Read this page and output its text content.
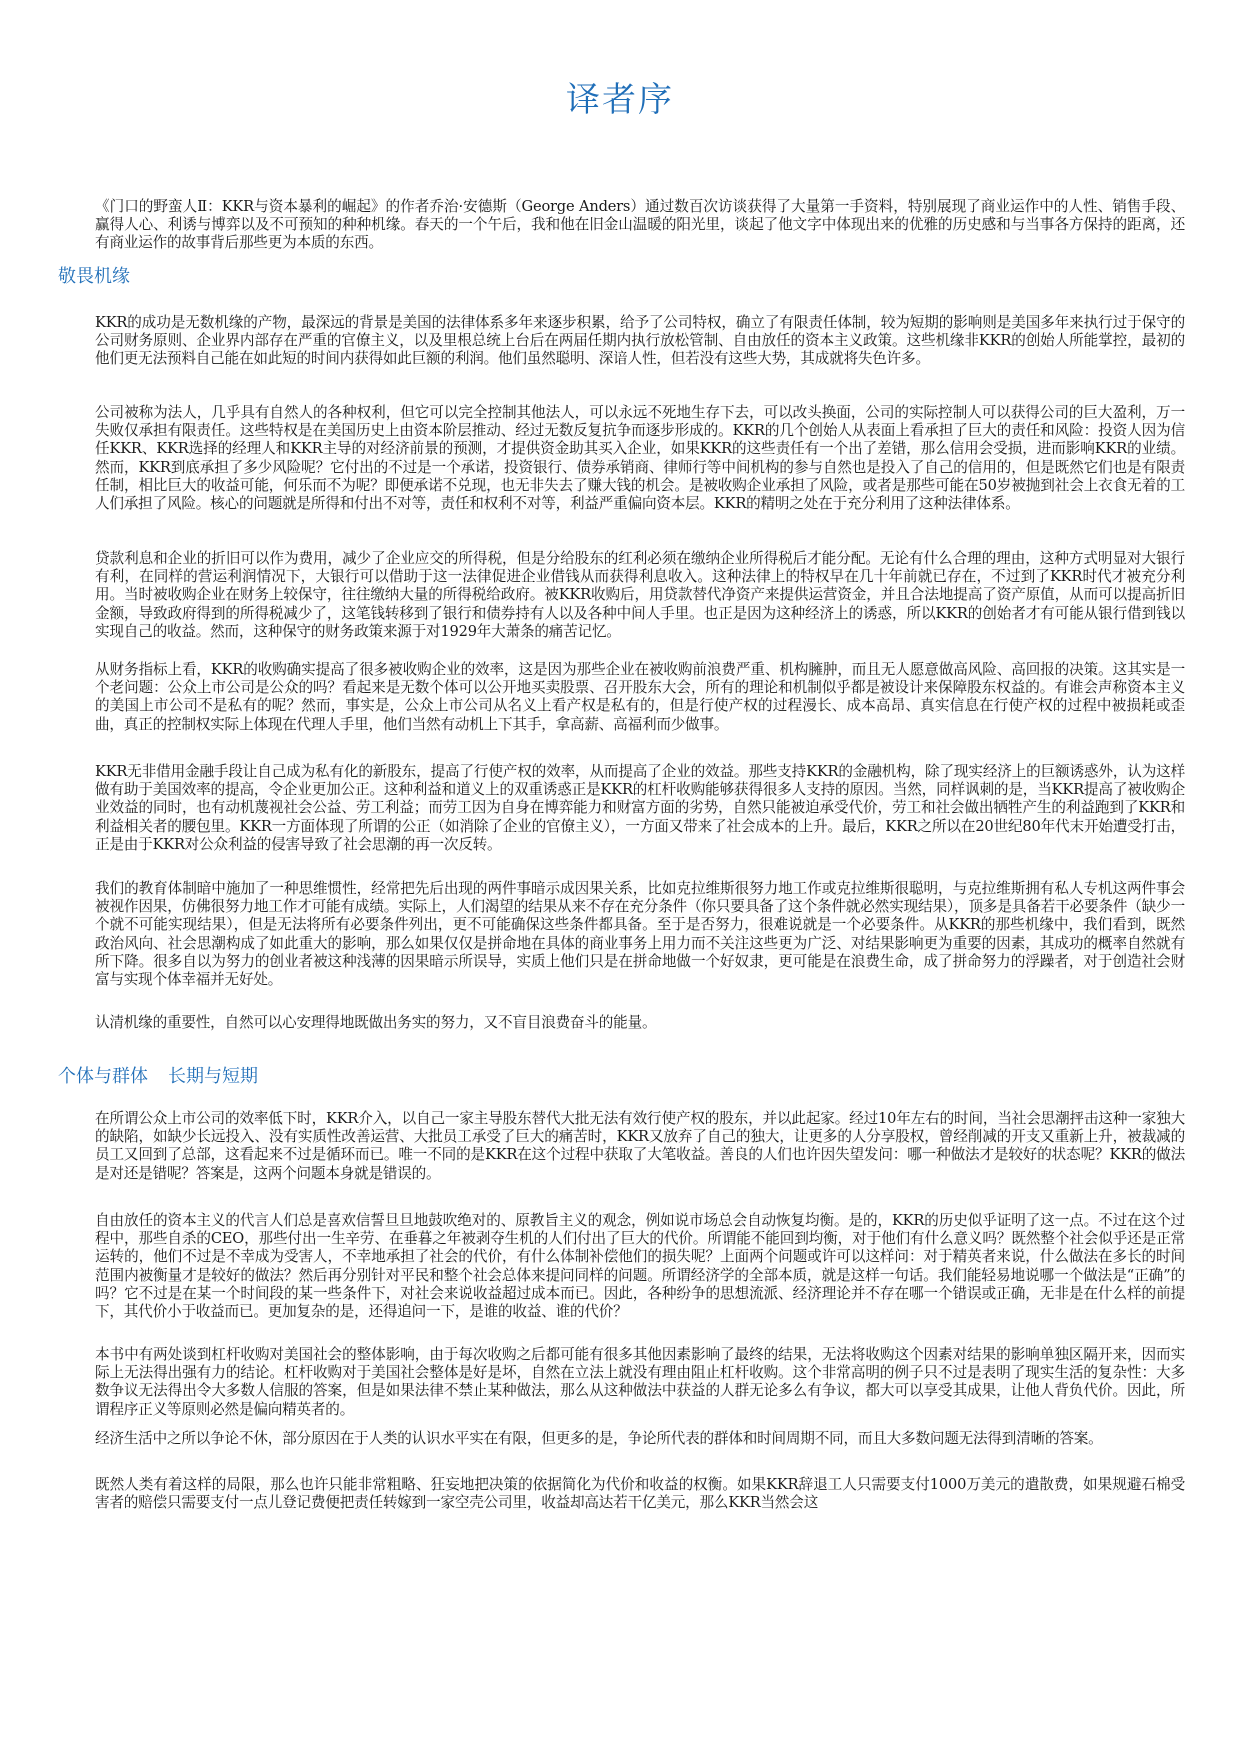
译者序

《门口的野蛮人Ⅱ：KKR与资本暴利的崛起》的作者乔治·安德斯（George Anders）通过数百次访谈获得了大量第一手资料，特别展现了商业运作中的人性、销售手段、赢得人心、利诱与博弈以及不可预知的种种机缘。春天的一个午后，我和他在旧金山温暖的阳光里，谈起了他文字中体现出来的优雅的历史感和与当事各方保持的距离，还有商业运作的故事背后那些更为本质的东西。

敬畏机缘

KKR的成功是无数机缘的产物，最深远的背景是美国的法律体系多年来逐步积累，给予了公司特权，确立了有限责任体制，较为短期的影响则是美国多年来执行过于保守的公司财务原则、企业界内部存在严重的官僚主义，以及里根总统上台后在两届任期内执行放松管制、自由放任的资本主义政策。这些机缘非KKR的创始人所能掌控，最初的他们更无法预料自己能在如此短的时间内获得如此巨额的利润。他们虽然聪明、深谙人性，但若没有这些大势，其成就将失色许多。

公司被称为法人，几乎具有自然人的各种权利，但它可以完全控制其他法人，可以永远不死地生存下去，可以改头换面，公司的实际控制人可以获得公司的巨大盈利，万一失败仅承担有限责任。这些特权是在美国历史上由资本阶层推动、经过无数反复抗争而逐步形成的。KKR的几个创始人从表面上看承担了巨大的责任和风险：投资人因为信任KKR、KKR选择的经理人和KKR主导的对经济前景的预测，才提供资金助其买入企业，如果KKR的这些责任有一个出了差错，那么信用会受损，进而影响KKR的业绩。然而，KKR到底承担了多少风险呢？它付出的不过是一个承诺，投资银行、债券承销商、律师行等中间机构的参与自然也是投入了自己的信用的，但是既然它们也是有限责任制，相比巨大的收益可能，何乐而不为呢？即便承诺不兑现，也无非失去了赚大钱的机会。是被收购企业承担了风险，或者是那些可能在50岁被抛到社会上衣食无着的工人们承担了风险。核心的问题就是所得和付出不对等，责任和权利不对等，利益严重偏向资本层。KKR的精明之处在于充分利用了这种法律体系。

贷款利息和企业的折旧可以作为费用，减少了企业应交的所得税，但是分给股东的红利必须在缴纳企业所得税后才能分配。无论有什么合理的理由，这种方式明显对大银行有利，在同样的营运利润情况下，大银行可以借助于这一法律促进企业借钱从而获得利息收入。这种法律上的特权早在几十年前就已存在，不过到了KKR时代才被充分利用。当时被收购企业在财务上较保守，往往缴纳大量的所得税给政府。被KKR收购后，用贷款替代净资产来提供运营资金，并且合法地提高了资产原值，从而可以提高折旧金额，导致政府得到的所得税减少了，这笔钱转移到了银行和债券持有人以及各种中间人手里。也正是因为这种经济上的诱惑，所以KKR的创始者才有可能从银行借到钱以实现自己的收益。然而，这种保守的财务政策来源于对1929年大萧条的痛苦记忆。

从财务指标上看，KKR的收购确实提高了很多被收购企业的效率，这是因为那些企业在被收购前浪费严重、机构臃肿，而且无人愿意做高风险、高回报的决策。这其实是一个老问题：公众上市公司是公众的吗？看起来是无数个体可以公开地买卖股票、召开股东大会，所有的理论和机制似乎都是被设计来保障股东权益的。有谁会声称资本主义的美国上市公司不是私有的呢？然而，事实是，公众上市公司从名义上看产权是私有的，但是行使产权的过程漫长、成本高昂、真实信息在行使产权的过程中被损耗或歪曲，真正的控制权实际上体现在代理人手里，他们当然有动机上下其手，拿高薪、高福利而少做事。

KKR无非借用金融手段让自己成为私有化的新股东，提高了行使产权的效率，从而提高了企业的效益。那些支持KKR的金融机构，除了现实经济上的巨额诱惑外，认为这样做有助于美国效率的提高，令企业更加公正。这种利益和道义上的双重诱惑正是KKR的杠杆收购能够获得很多人支持的原因。当然，同样讽刺的是，当KKR提高了被收购企业效益的同时，也有动机蔑视社会公益、劳工利益；而劳工因为自身在博弈能力和财富方面的劣势，自然只能被迫承受代价，劳工和社会做出牺牲产生的利益跑到了KKR和利益相关者的腰包里。KKR一方面体现了所谓的公正（如消除了企业的官僚主义），一方面又带来了社会成本的上升。最后，KKR之所以在20世纪80年代末开始遭受打击，正是由于KKR对公众利益的侵害导致了社会思潮的再一次反转。

我们的教育体制暗中施加了一种思维惯性，经常把先后出现的两件事暗示成因果关系，比如克拉维斯很努力地工作或克拉维斯很聪明，与克拉维斯拥有私人专机这两件事会被视作因果，仿佛很努力地工作才可能有成绩。实际上，人们渴望的结果从来不存在充分条件（你只要具备了这个条件就必然实现结果），顶多是具备若干必要条件（缺少一个就不可能实现结果），但是无法将所有必要条件列出，更不可能确保这些条件都具备。至于是否努力，很难说就是一个必要条件。从KKR的那些机缘中，我们看到，既然政治风向、社会思潮构成了如此重大的影响，那么如果仅仅是拼命地在具体的商业事务上用力而不关注这些更为广泛、对结果影响更为重要的因素，其成功的概率自然就有所下降。很多自以为努力的创业者被这种浅薄的因果暗示所误导，实质上他们只是在拼命地做一个好奴隶，更可能是在浪费生命，成了拼命努力的浮躁者，对于创造社会财富与实现个体幸福并无好处。

认清机缘的重要性，自然可以心安理得地既做出务实的努力，又不盲目浪费奋斗的能量。

个体与群体 长期与短期

在所谓公众上市公司的效率低下时，KKR介入，以自己一家主导股东替代大批无法有效行使产权的股东，并以此起家。经过10年左右的时间，当社会思潮抨击这种一家独大的缺陷，如缺少长远投入、没有实质性改善运营、大批员工承受了巨大的痛苦时，KKR又放弃了自己的独大，让更多的人分享股权，曾经削减的开支又重新上升，被裁减的员工又回到了总部，这看起来不过是循环而已。唯一不同的是KKR在这个过程中获取了大笔收益。善良的人们也许因失望发问：哪一种做法才是较好的状态呢？KKR的做法是对还是错呢？答案是，这两个问题本身就是错误的。

自由放任的资本主义的代言人们总是喜欢信誓旦旦地鼓吹绝对的、原教旨主义的观念，例如说市场总会自动恢复均衡。是的，KKR的历史似乎证明了这一点。不过在这个过程中，那些自杀的CEO，那些付出一生辛劳、在垂暮之年被剥夺生机的人们付出了巨大的代价。所谓能不能回到均衡，对于他们有什么意义吗？既然整个社会似乎还是正常运转的，他们不过是不幸成为受害人，不幸地承担了社会的代价，有什么体制补偿他们的损失呢？上面两个问题或许可以这样问：对于精英者来说，什么做法在多长的时间范围内被衡量才是较好的做法？然后再分别针对平民和整个社会总体来提问同样的问题。所谓经济学的全部本质，就是这样一句话。我们能轻易地说哪一个做法是“正确”的吗？它不过是在某一个时间段的某一些条件下，对社会来说收益超过成本而已。因此，各种纷争的思想流派、经济理论并不存在哪一个错误或正确，无非是在什么样的前提下，其代价小于收益而已。更加复杂的是，还得追问一下，是谁的收益、谁的代价？

本书中有两处谈到杠杆收购对美国社会的整体影响，由于每次收购之后都可能有很多其他因素影响了最终的结果，无法将收购这个因素对结果的影响单独区隔开来，因而实际上无法得出强有力的结论。杠杆收购对于美国社会整体是好是坏，自然在立法上就没有理由阻止杠杆收购。这个非常高明的例子只不过是表明了现实生活的复杂性：大多数争议无法得出令大多数人信服的答案，但是如果法律不禁止某种做法，那么从这种做法中获益的人群无论多么有争议，都大可以享受其成果，让他人背负代价。因此，所谓程序正义等原则必然是偏向精英者的。

经济生活中之所以争论不休，部分原因在于人类的认识水平实在有限，但更多的是，争论所代表的群体和时间周期不同，而且大多数问题无法得到清晰的答案。

既然人类有着这样的局限，那么也许只能非常粗略、狂妄地把决策的依据简化为代价和收益的权衡。如果KKR辞退工人只需要支付1000万美元的遣散费，如果规避石棉受害者的赔偿只需要支付一点儿登记费便把责任转嫁到一家空壳公司里，收益却高达若干亿美元，那么KKR当然会这
